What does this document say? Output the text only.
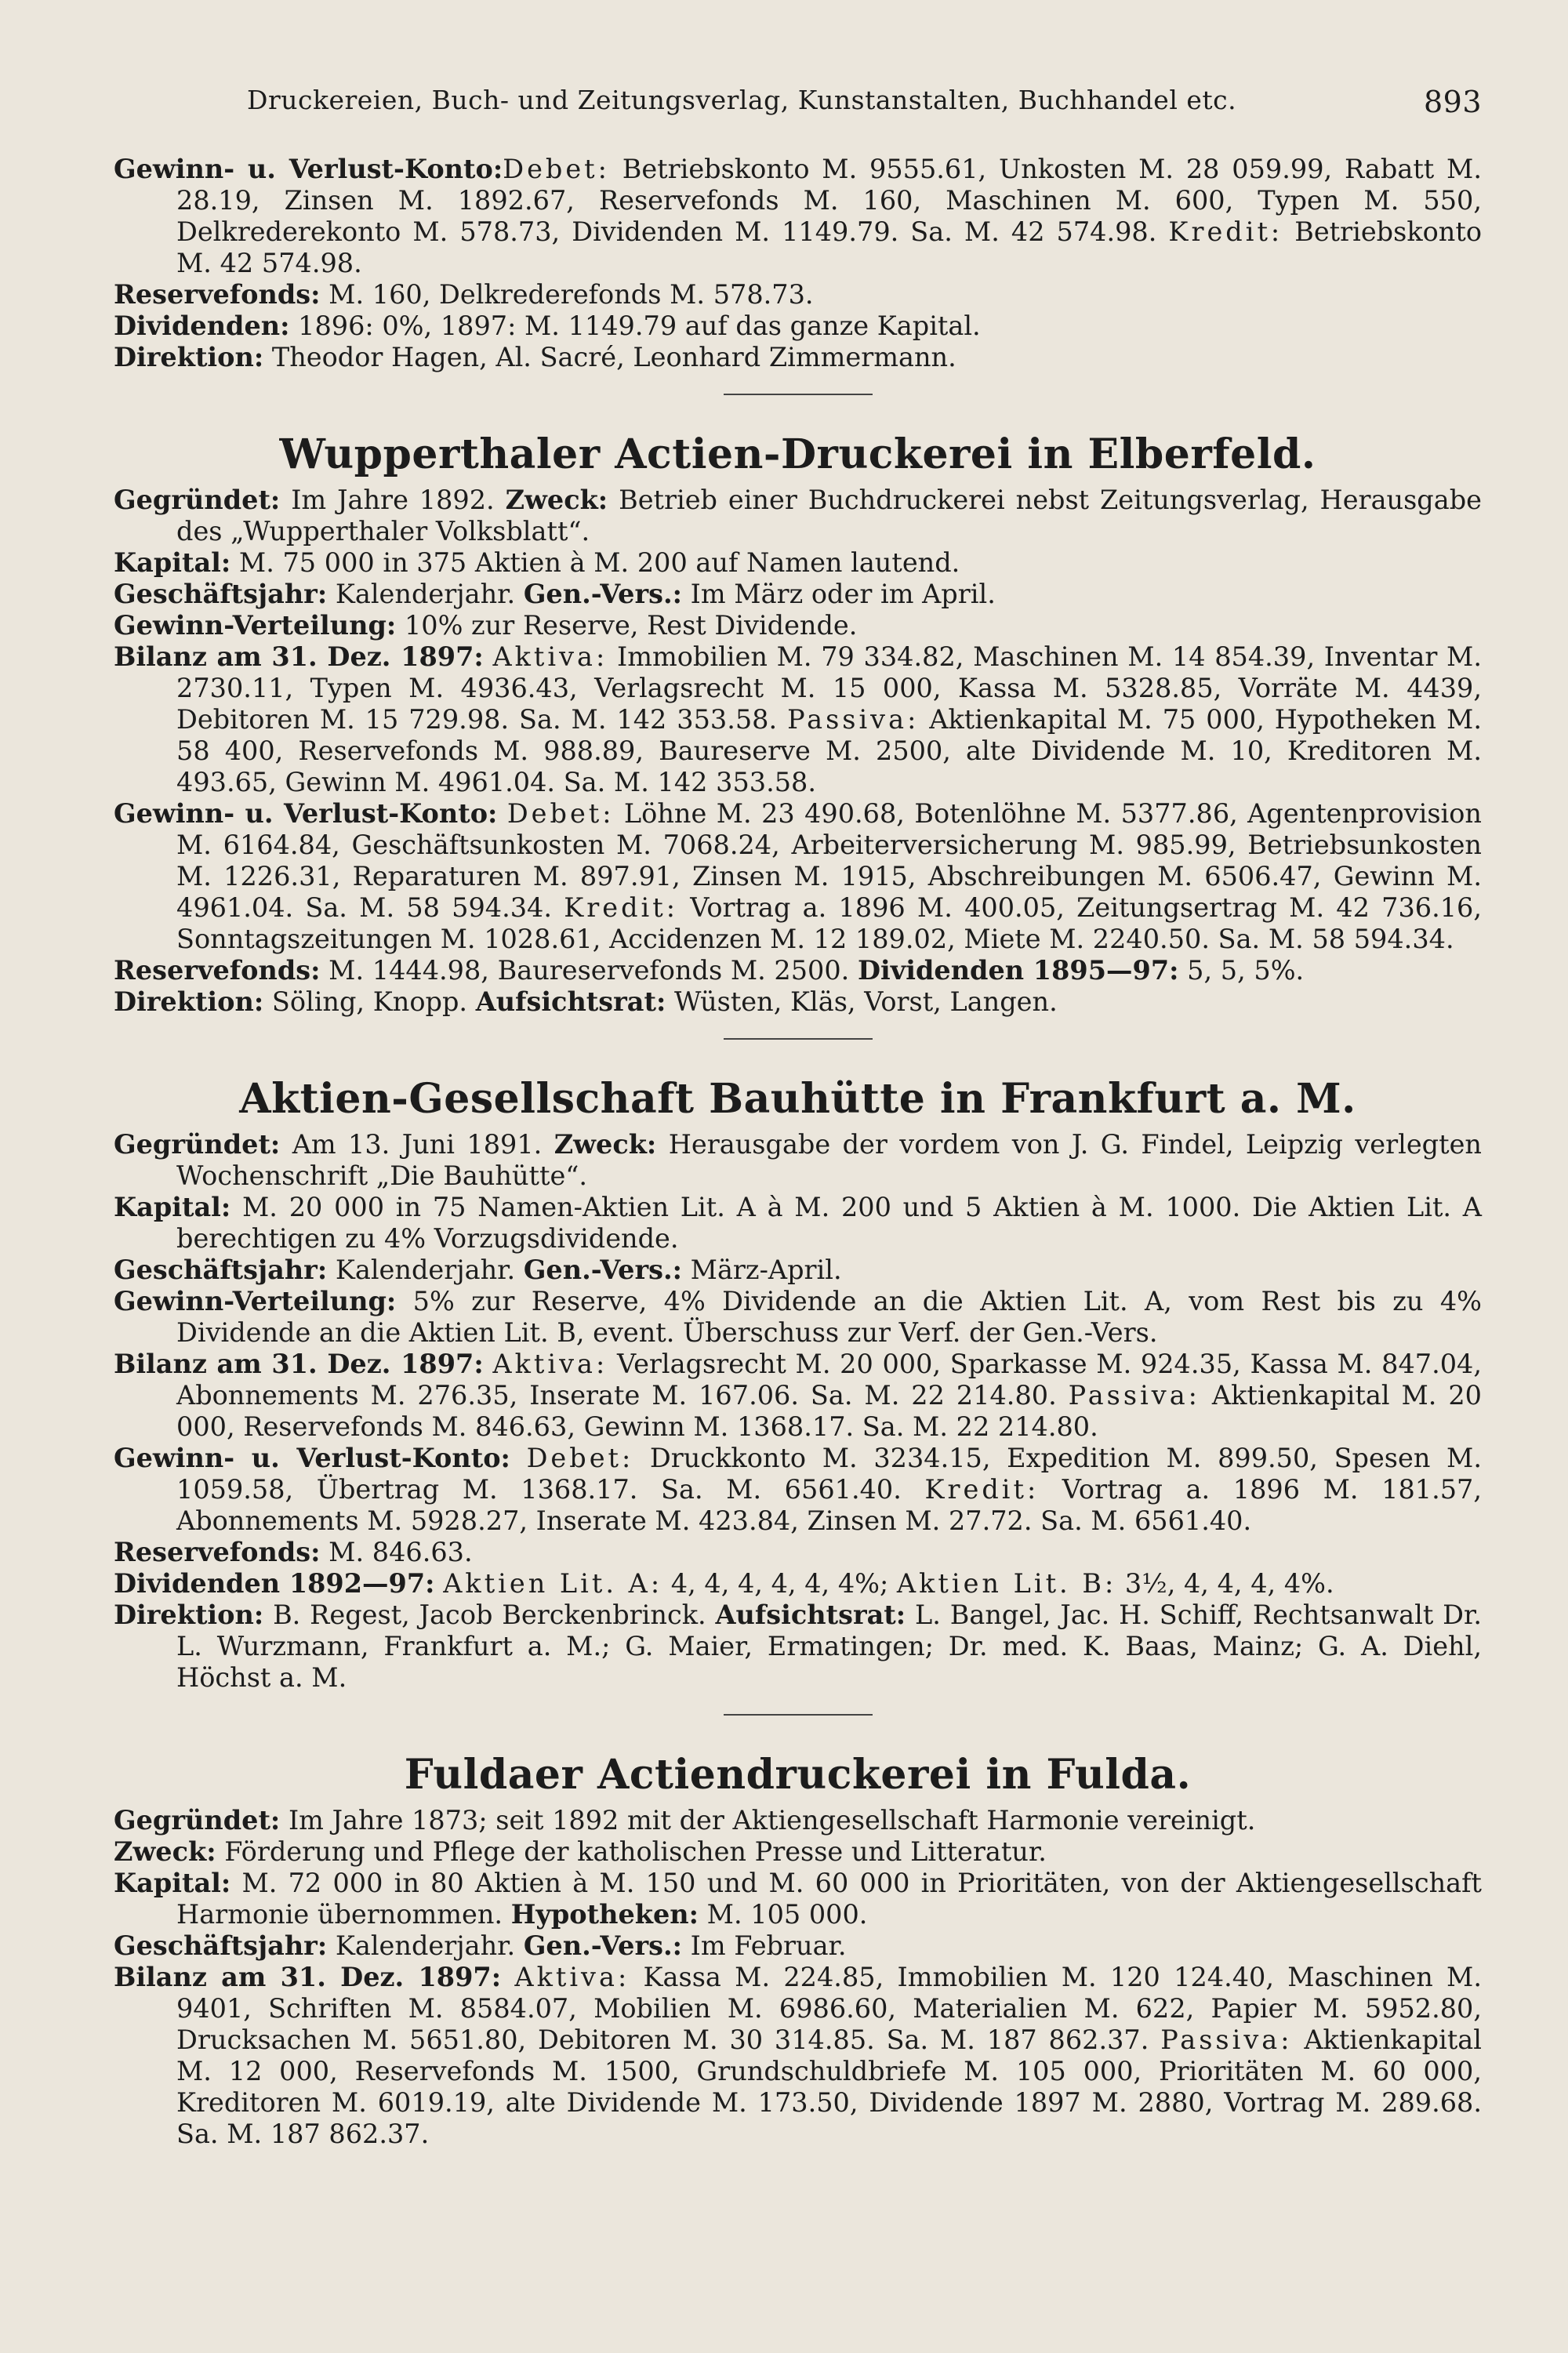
Druckereien, Buch- und Zeitungsverlag, Kunstanstalten, Buchhandel etc.	893
Gewinn- u. Verlust-Konto:Debet: Betriebskonto M. 9555.61, Unkosten M. 28 059.99, Rabatt M. 28.19, Zinsen M. 1892.67, Reservefonds M. 160, Maschinen M. 600, Typen M. 550, Delkrederekonto M. 578.73, Dividenden M. 1149.79. Sa. M. 42 574.98. Kredit: Betriebskonto M. 42 574.98.
Reservefonds: M. 160, Delkrederefonds M. 578.73.
Dividenden: 1896: 0%, 1897: M. 1149.79 auf das ganze Kapital.
Direktion: Theodor Hagen, Al. Sacré, Leonhard Zimmermann.
Wupperthaler Actien-Druckerei in Elberfeld.
Gegründet: Im Jahre 1892. Zweck: Betrieb einer Buchdruckerei nebst Zeitungsverlag, Herausgabe des „Wupperthaler Volksblatt“.
Kapital: M. 75 000 in 375 Aktien à M. 200 auf Namen lautend.
Geschäftsjahr: Kalenderjahr. Gen.-Vers.: Im März oder im April.
Gewinn-Verteilung: 10% zur Reserve, Rest Dividende.
Bilanz am 31. Dez. 1897: Aktiva: Immobilien M. 79 334.82, Maschinen M. 14 854.39, Inventar M. 2730.11, Typen M. 4936.43, Verlagsrecht M. 15 000, Kassa M. 5328.85, Vorräte M. 4439, Debitoren M. 15 729.98. Sa. M. 142 353.58. Passiva: Aktienkapital M. 75 000, Hypotheken M. 58 400, Reservefonds M. 988.89, Baureserve M. 2500, alte Dividende M. 10, Kreditoren M. 493.65, Gewinn M. 4961.04. Sa. M. 142 353.58.
Gewinn- u. Verlust-Konto: Debet: Löhne M. 23 490.68, Botenlöhne M. 5377.86, Agentenprovision M. 6164.84, Geschäftsunkosten M. 7068.24, Arbeiterversicherung M. 985.99, Betriebsunkosten M. 1226.31, Reparaturen M. 897.91, Zinsen M. 1915, Abschreibungen M. 6506.47, Gewinn M. 4961.04. Sa. M. 58 594.34. Kredit: Vortrag a. 1896 M. 400.05, Zeitungsertrag M. 42 736.16, Sonntagszeitungen M. 1028.61, Accidenzen M. 12 189.02, Miete M. 2240.50. Sa. M. 58 594.34.
Reservefonds: M. 1444.98, Baureservefonds M. 2500. Dividenden 1895—97: 5, 5, 5%.
Direktion: Söling, Knopp. Aufsichtsrat: Wüsten, Kläs, Vorst, Langen.
Aktien-Gesellschaft Bauhütte in Frankfurt a. M.
Gegründet: Am 13. Juni 1891. Zweck: Herausgabe der vordem von J. G. Findel, Leipzig verlegten Wochenschrift „Die Bauhütte“.
Kapital: M. 20 000 in 75 Namen-Aktien Lit. A à M. 200 und 5 Aktien à M. 1000. Die Aktien Lit. A berechtigen zu 4% Vorzugsdividende.
Geschäftsjahr: Kalenderjahr. Gen.-Vers.: März-April.
Gewinn-Verteilung: 5% zur Reserve, 4% Dividende an die Aktien Lit. A, vom Rest bis zu 4% Dividende an die Aktien Lit. B, event. Überschuss zur Verf. der Gen.-Vers.
Bilanz am 31. Dez. 1897: Aktiva: Verlagsrecht M. 20 000, Sparkasse M. 924.35, Kassa M. 847.04, Abonnements M. 276.35, Inserate M. 167.06. Sa. M. 22 214.80. Passiva: Aktienkapital M. 20 000, Reservefonds M. 846.63, Gewinn M. 1368.17. Sa. M. 22 214.80.
Gewinn- u. Verlust-Konto: Debet: Druckkonto M. 3234.15, Expedition M. 899.50, Spesen M. 1059.58, Übertrag M. 1368.17. Sa. M. 6561.40. Kredit: Vortrag a. 1896 M. 181.57, Abonnements M. 5928.27, Inserate M. 423.84, Zinsen M. 27.72. Sa. M. 6561.40.
Reservefonds: M. 846.63.
Dividenden 1892—97: Aktien Lit. A: 4, 4, 4, 4, 4, 4%; Aktien Lit. B: 3½, 4, 4, 4, 4%.
Direktion: B. Regest, Jacob Berckenbrinck. Aufsichtsrat: L. Bangel, Jac. H. Schiff, Rechtsanwalt Dr. L. Wurzmann, Frankfurt a. M.; G. Maier, Ermatingen; Dr. med. K. Baas, Mainz; G. A. Diehl, Höchst a. M.
Fuldaer Actiendruckerei in Fulda.
Gegründet: Im Jahre 1873; seit 1892 mit der Aktiengesellschaft Harmonie vereinigt.
Zweck: Förderung und Pflege der katholischen Presse und Litteratur.
Kapital: M. 72 000 in 80 Aktien à M. 150 und M. 60 000 in Prioritäten, von der Aktiengesellschaft Harmonie übernommen. Hypotheken: M. 105 000.
Geschäftsjahr: Kalenderjahr. Gen.-Vers.: Im Februar.
Bilanz am 31. Dez. 1897: Aktiva: Kassa M. 224.85, Immobilien M. 120 124.40, Maschinen M. 9401, Schriften M. 8584.07, Mobilien M. 6986.60, Materialien M. 622, Papier M. 5952.80, Drucksachen M. 5651.80, Debitoren M. 30 314.85. Sa. M. 187 862.37. Passiva: Aktienkapital M. 12 000, Reservefonds M. 1500, Grundschuldbriefe M. 105 000, Prioritäten M. 60 000, Kreditoren M. 6019.19, alte Dividende M. 173.50, Dividende 1897 M. 2880, Vortrag M. 289.68. Sa. M. 187 862.37.
